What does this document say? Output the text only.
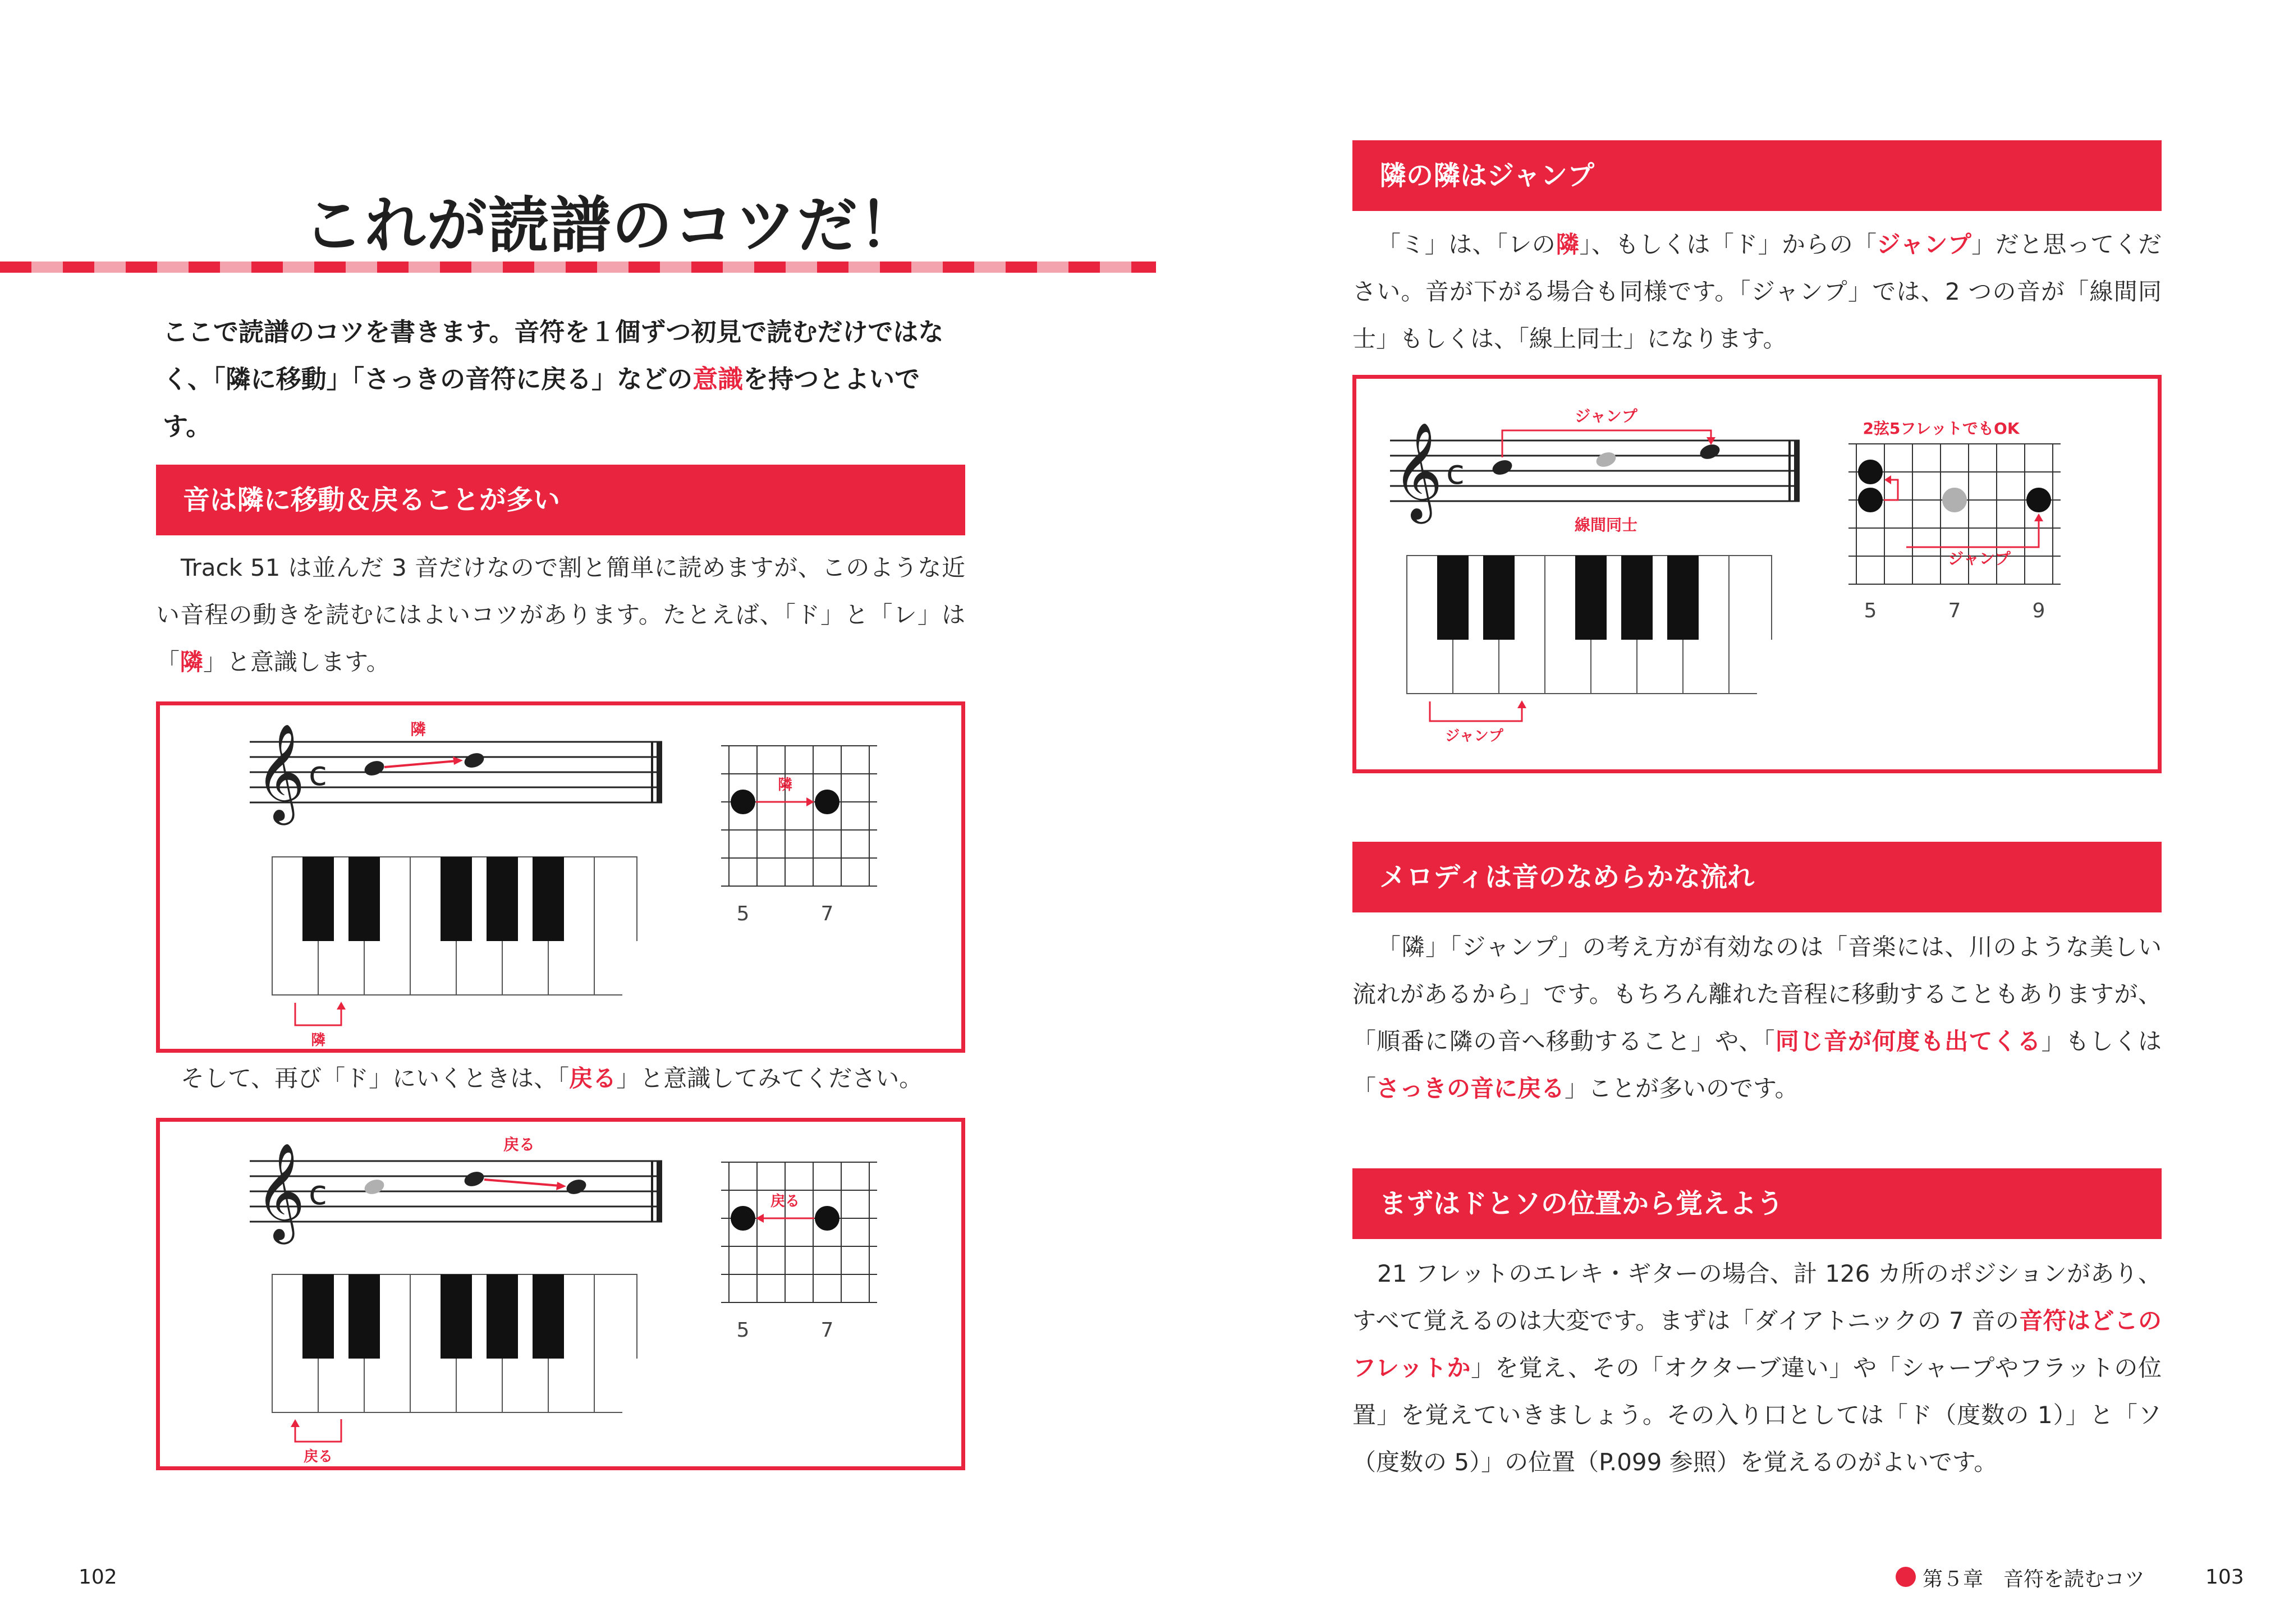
これが読譜のコツだ！
ここで読譜のコツを書きます。音符を１個ずつ初見で読むだけではなく、「隣に移動」「さっきの音符に戻る」などの意識を持つとよいです。
音は隣に移動＆戻ることが多い
Track 51 は並んだ 3 音だけなので割と簡単に読めますが、このような近い音程の動きを読むにはよいコツがあります。たとえば、「ド」と「レ」は「隣」と意識します。
𝄞 c
隣
隣
隣
5	7
そして、再び「ド」にいくときは、「戻る」と意識してみてください。
𝄞 c
戻る
戻る
戻る
5	7
102
隣の隣はジャンプ
「ミ」は、「レの隣」、もしくは「ド」からの「ジャンプ」だと思ってください。音が下がる場合も同様です。「ジャンプ」では、2 つの音が「線間同士」もしくは、「線上同士」になります。
𝄞 c
ジャンプ
線間同士
ジャンプ
2弦5フレットでもOK
ジャンプ
5	7	9
メロディは音のなめらかな流れ
「隣」「ジャンプ」の考え方が有効なのは「音楽には、川のような美しい流れがあるから」です。もちろん離れた音程に移動することもありますが、「順番に隣の音へ移動すること」や、「同じ音が何度も出てくる」もしくは「さっきの音に戻る」ことが多いのです。
まずはドとソの位置から覚えよう
21 フレットのエレキ・ギターの場合、計 126 カ所のポジションがあり、すべて覚えるのは大変です。まずは「ダイアトニックの 7 音の音符はどこのフレットか」を覚え、その「オクターブ違い」や「シャープやフラットの位置」を覚えていきましょう。その入り口としては「ド（度数の 1）」と「ソ（度数の 5）」の位置（P.099 参照）を覚えるのがよいです。
第５章　音符を読むコツ	103
